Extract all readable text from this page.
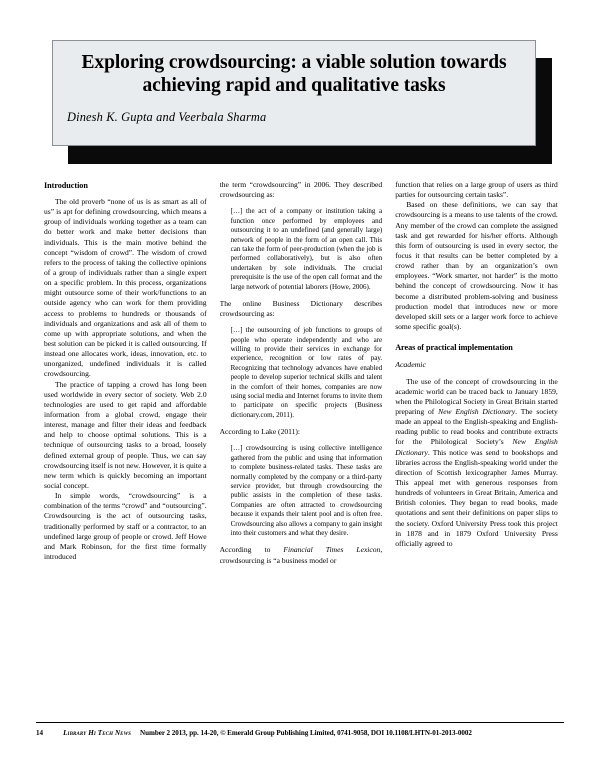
Exploring crowdsourcing: a viable solution towards achieving rapid and qualitative tasks
Dinesh K. Gupta and Veerbala Sharma
Introduction

The old proverb “none of us is as smart as all of us” is apt for defining crowdsourcing, which means a group of individuals working together as a team can do better work and make better decisions than individuals. This is the main motive behind the concept “wisdom of crowd”. The wisdom of crowd refers to the process of taking the collective opinions of a group of individuals rather than a single expert on a specific problem. In this process, organizations might outsource some of their work/functions to an outside agency who can work for them providing access to problems to hundreds or thousands of individuals and organizations and ask all of them to come up with appropriate solutions, and when the best solution can be picked it is called outsourcing. If instead one allocates work, ideas, innovation, etc. to unorganized, undefined individuals it is called crowdsourcing.

The practice of tapping a crowd has long been used worldwide in every sector of society. Web 2.0 technologies are used to get rapid and affordable information from a global crowd, engage their interest, manage and filter their ideas and feedback and help to choose optimal solutions. This is a technique of outsourcing tasks to a broad, loosely defined external group of people. Thus, we can say crowdsourcing itself is not new. However, it is quite a new term which is quickly becoming an important social concept.

In simple words, “crowdsourcing” is a combination of the terms “crowd” and “outsourcing”. Crowdsourcing is the act of outsourcing tasks, traditionally performed by staff or a contractor, to an undefined large group of people or crowd. Jeff Howe and Mark Robinson, for the first time formally introduced

the term “crowdsourcing” in 2006. They described crowdsourcing as:

[…] the act of a company or institution taking a function once performed by employees and outsourcing it to an undefined (and generally large) network of people in the form of an open call. This can take the form of peer-production (when the job is performed collaboratively), but is also often undertaken by sole individuals. The crucial prerequisite is the use of the open call format and the large network of potential laborers (Howe, 2006).

The online Business Dictionary describes crowdsourcing as:

[…] the outsourcing of job functions to groups of people who operate independently and who are willing to provide their services in exchange for experience, recognition or low rates of pay. Recognizing that technology advances have enabled people to develop superior technical skills and talent in the comfort of their homes, companies are now using social media and Internet forums to invite them to participate on specific projects (Business dictionary.com, 2011).

According to Lake (2011):

[…] crowdsourcing is using collective intelligence gathered from the public and using that information to complete business-related tasks. These tasks are normally completed by the company or a third-party service provider, but through crowdsourcing the public assists in the completion of these tasks. Companies are often attracted to crowdsourcing because it expands their talent pool and is often free. Crowdsourcing also allows a company to gain insight into their customers and what they desire.

According to Financial Times Lexicon, crowdsourcing is “a business model or

function that relies on a large group of users as third parties for outsourcing certain tasks”.

Based on these definitions, we can say that crowdsourcing is a means to use talents of the crowd. Any member of the crowd can complete the assigned task and get rewarded for his/her efforts. Although this form of outsourcing is used in every sector, the focus it that results can be better completed by a crowd rather than by an organization’s own employees. “Work smarter, not harder” is the motto behind the concept of crowdsourcing. Now it has become a distributed problem-solving and business production model that introduces new or more developed skill sets or a larger work force to achieve some specific goal(s).

Areas of practical implementation
Academic

The use of the concept of crowdsourcing in the academic world can be traced back to January 1859, when the Philological Society in Great Britain started preparing of New English Dictionary. The society made an appeal to the English-speaking and English-reading public to read books and contribute extracts for the Philological Society’s New English Dictionary. This notice was send to bookshops and libraries across the English-speaking world under the direction of Scottish lexicographer James Murray. This appeal met with generous responses from hundreds of volunteers in Great Britain, America and British colonies. They began to read books, made quotations and sent their definitions on paper slips to the society. Oxford University Press took this project in 1878 and in 1879 Oxford University Press officially agreed to

14	Library Hi Tech News Number 2 2013, pp. 14-20, © Emerald Group Publishing Limited, 0741-9058, DOI 10.1108/LHTN-01-2013-0002
